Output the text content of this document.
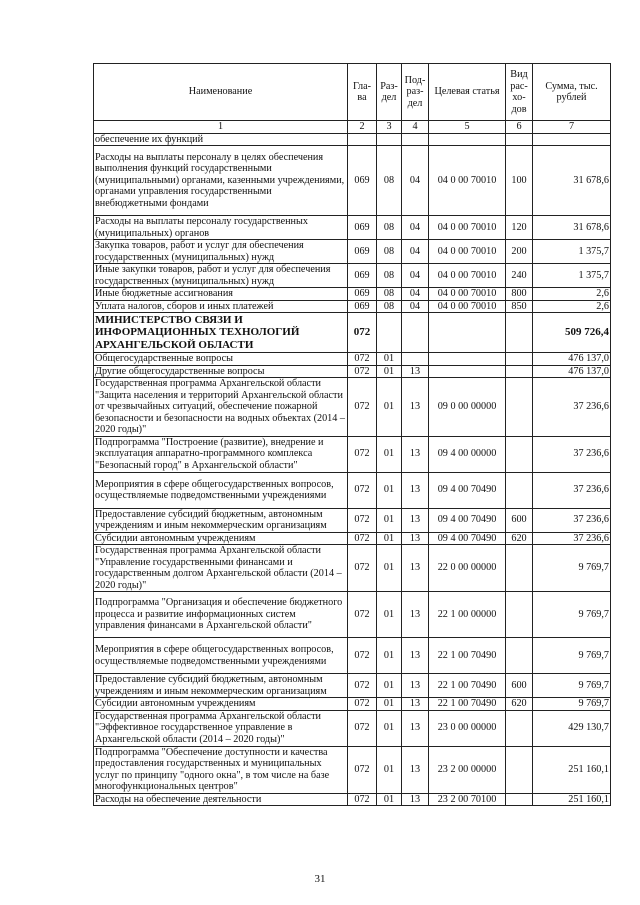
Наименование	Гла-ва	Раз-дел	Под-раз-дел	Целевая статья	Вид рас-хо-дов	Сумма, тыс. рублей
1	2	3	4	5	6	7
обеспечение их функций						
Расходы на выплаты персоналу в целях обеспечения выполнения функций государственными (муниципальными) органами, казенными учреждениями, органами управления государственными внебюджетными фондами	069	08	04	04 0 00 70010	100	31 678,6
Расходы на выплаты персоналу государственных (муниципальных) органов	069	08	04	04 0 00 70010	120	31 678,6
Закупка товаров, работ и услуг для обеспечения государственных (муниципальных) нужд	069	08	04	04 0 00 70010	200	1 375,7
Иные закупки товаров, работ и услуг для обеспечения государственных (муниципальных) нужд	069	08	04	04 0 00 70010	240	1 375,7
Иные бюджетные ассигнования	069	08	04	04 0 00 70010	800	2,6
Уплата налогов, сборов и иных платежей	069	08	04	04 0 00 70010	850	2,6
МИНИСТЕРСТВО СВЯЗИ И ИНФОРМАЦИОННЫХ ТЕХНОЛОГИЙ АРХАНГЕЛЬСКОЙ ОБЛАСТИ	072					509 726,4
Общегосударственные вопросы	072	01				476 137,0
Другие общегосударственные вопросы	072	01	13			476 137,0
Государственная программа Архангельской области "Защита населения и территорий Архангельской области от чрезвычайных ситуаций, обеспечение пожарной безопасности и безопасности на водных объектах (2014 – 2020 годы)"	072	01	13	09 0 00 00000		37 236,6
Подпрограмма "Построение (развитие), внедрение и эксплуатация аппаратно-программного комплекса "Безопасный город" в Архангельской области"	072	01	13	09 4 00 00000		37 236,6
Мероприятия в сфере общегосударственных вопросов, осуществляемые подведомственными учреждениями	072	01	13	09 4 00 70490		37 236,6
Предоставление субсидий бюджетным, автономным учреждениям и иным некоммерческим организациям	072	01	13	09 4 00 70490	600	37 236,6
Субсидии автономным учреждениям	072	01	13	09 4 00 70490	620	37 236,6
Государственная программа Архангельской области "Управление государственными финансами и государственным долгом Архангельской области (2014 – 2020 годы)"	072	01	13	22 0 00 00000		9 769,7
Подпрограмма "Организация и обеспечение бюджетного процесса и развитие информационных систем управления финансами в Архангельской области"	072	01	13	22 1 00 00000		9 769,7
Мероприятия в сфере общегосударственных вопросов, осуществляемые подведомственными учреждениями	072	01	13	22 1 00 70490		9 769,7
Предоставление субсидий бюджетным, автономным учреждениям и иным некоммерческим организациям	072	01	13	22 1 00 70490	600	9 769,7
Субсидии автономным учреждениям	072	01	13	22 1 00 70490	620	9 769,7
Государственная программа Архангельской области "Эффективное государственное управление в Архангельской области (2014 – 2020 годы)"	072	01	13	23 0 00 00000		429 130,7
Подпрограмма "Обеспечение доступности и качества предоставления государственных и муниципальных услуг по принципу "одного окна", в том числе на базе многофункциональных центров"	072	01	13	23 2 00 00000		251 160,1
Расходы на обеспечение деятельности	072	01	13	23 2 00 70100		251 160,1
31
